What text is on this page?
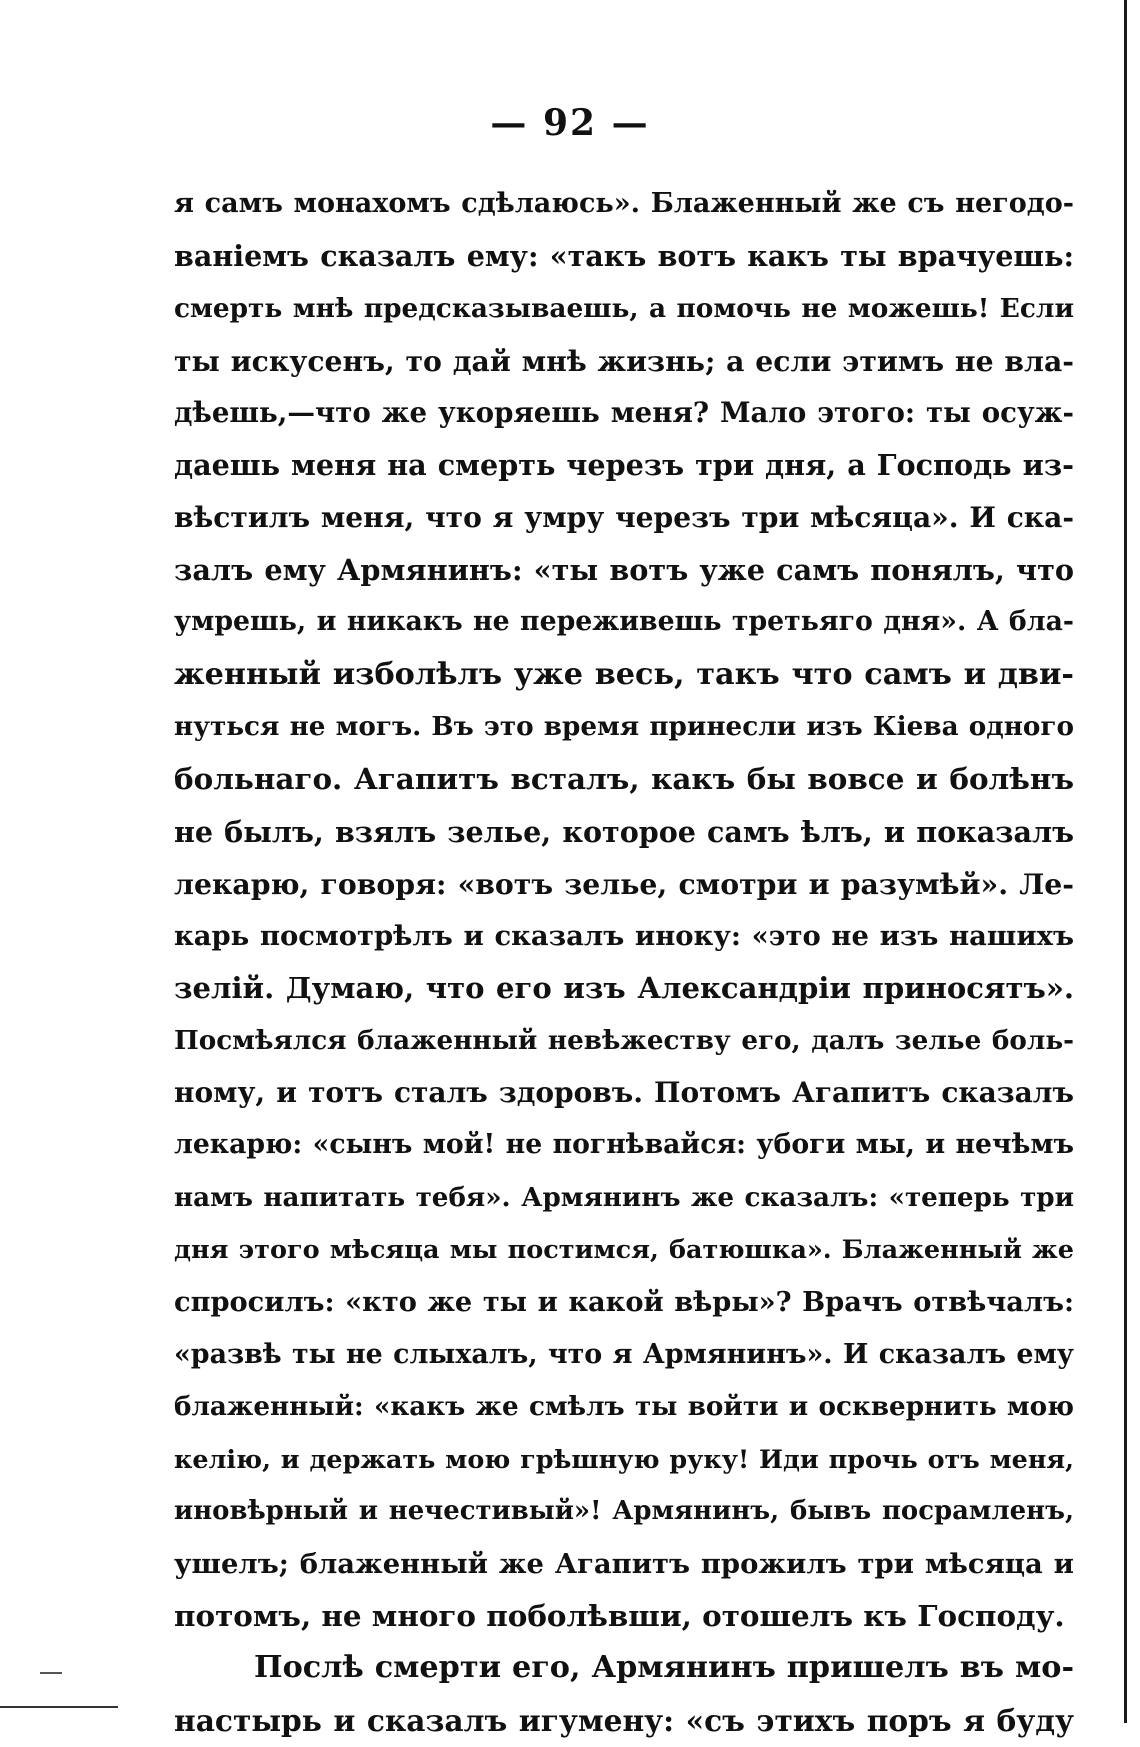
— 92 —
я самъ монахомъ сдѣлаюсь». Блаженный же съ негодо-
ванiемъ сказалъ ему: «такъ вотъ какъ ты врачуешь:
смерть мнѣ предсказываешь, а помочь не можешь! Если
ты искусенъ, то дай мнѣ жизнь; а если этимъ не вла-
дѣешь,—что же укоряешь меня? Мало этого: ты осуж-
даешь меня на смерть черезъ три дня, а Господь из-
вѣстилъ меня, что я умру черезъ три мѣсяца». И ска-
залъ ему Армянинъ: «ты вотъ уже самъ понялъ, что
умрешь, и никакъ не переживешь третьяго дня». А бла-
женный изболѣлъ уже весь, такъ что самъ и дви-
нуться не могъ. Въ это время принесли изъ Кiева одного
больнаго. Агапитъ всталъ, какъ бы вовсе и болѣнъ
не былъ, взялъ зелье, которое самъ ѣлъ, и показалъ
лекарю, говоря: «вотъ зелье, смотри и разумѣй». Ле-
карь посмотрѣлъ и сказалъ иноку: «это не изъ нашихъ
зелiй. Думаю, что его изъ Александрiи приносятъ».
Посмѣялся блаженный невѣжеству его, далъ зелье боль-
ному, и тотъ сталъ здоровъ. Потомъ Агапитъ сказалъ
лекарю: «сынъ мой! не погнѣвайся: убоги мы, и нечѣмъ
намъ напитать тебя». Армянинъ же сказалъ: «теперь три
дня этого мѣсяца мы постимся, батюшка». Блаженный же
спросилъ: «кто же ты и какой вѣры»? Врачъ отвѣчалъ:
«развѣ ты не слыхалъ, что я Армянинъ». И сказалъ ему
блаженный: «какъ же смѣлъ ты войти и осквернить мою
келiю, и держать мою грѣшную руку! Иди прочь отъ меня,
иновѣрный и нечестивый»! Армянинъ, бывъ посрамленъ,
ушелъ; блаженный же Агапитъ прожилъ три мѣсяца и
потомъ, не много поболѣвши, отошелъ къ Господу.
Послѣ смерти его, Армянинъ пришелъ въ мо-
настырь и сказалъ игумену: «съ этихъ поръ я буду
